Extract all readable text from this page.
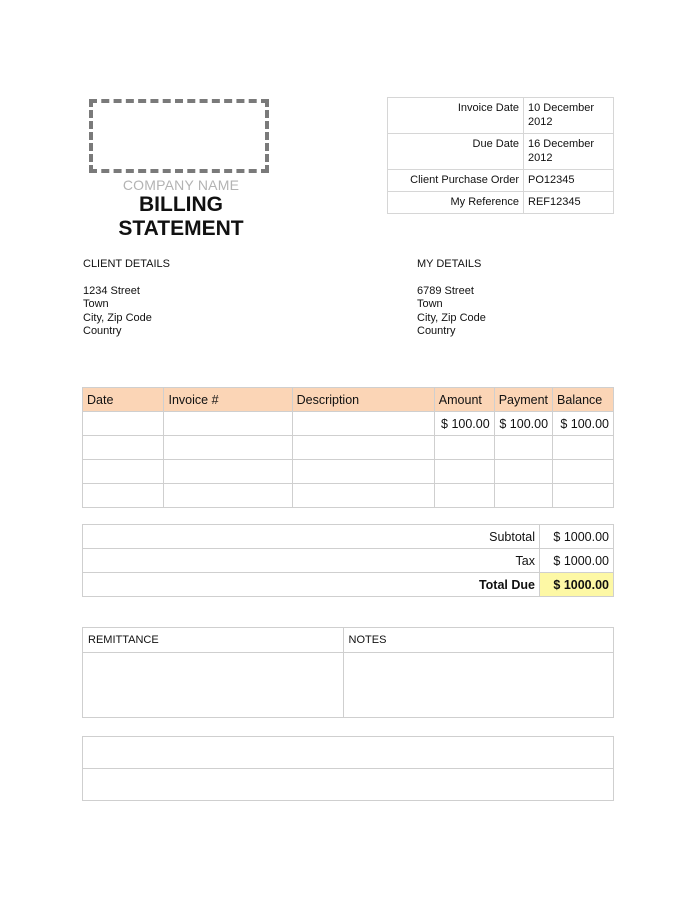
COMPANY NAME
BILLING
STATEMENT
Invoice Date	10 December 2012
Due Date	16 December 2012
Client Purchase Order	PO12345
My Reference	REF12345
CLIENT DETAILS
1234 Street
Town
City, Zip Code
Country
MY DETAILS
6789 Street
Town
City, Zip Code
Country
Date	Invoice #	Description	Amount	Payment	Balance
			$ 100.00	$ 100.00	$ 100.00

Subtotal	$ 1000.00
Tax	$ 1000.00
Total Due	$ 1000.00
REMITTANCE	NOTES
